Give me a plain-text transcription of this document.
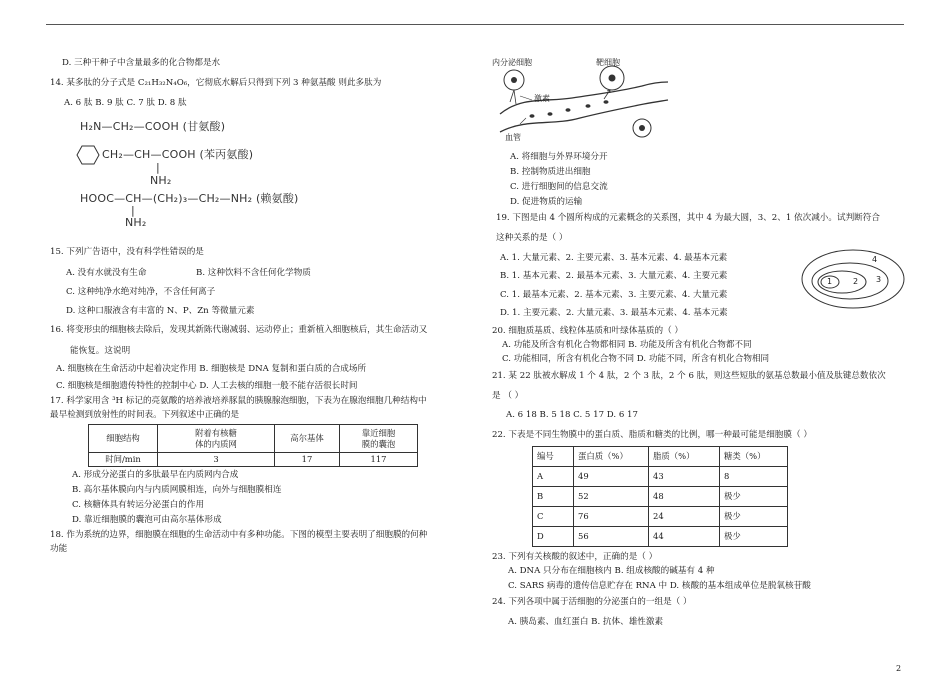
D. 三种干种子中含量最多的化合物都是水
14. 某多肽的分子式是 C₂₁H₃₂N₄O₆，它彻底水解后只得到下列 3 种氨基酸 则此多肽为
A. 6 肽 B. 9 肽 C. 7 肽 D. 8 肽
H₂N—CH₂—COOH (甘氨酸)
CH₂—CH—COOH (苯丙氨酸)
|
NH₂
HOOC—CH—(CH₂)₃—CH₂—NH₂ (赖氨酸)
|
NH₂
15. 下列广告语中，没有科学性错误的是
A. 没有水就没有生命	B. 这种饮料不含任何化学物质
C. 这种纯净水绝对纯净，不含任何离子
D. 这种口服液含有丰富的 N、P、Zn 等微量元素
16. 将变形虫的细胞核去除后，发现其新陈代谢减弱、运动停止；重新植入细胞核后，其生命活动又
能恢复。这说明
A. 细胞核在生命活动中起着决定作用 B. 细胞核是 DNA 复制和蛋白质的合成场所
C. 细胞核是细胞遗传特性的控制中心 D. 人工去核的细胞一般不能存活很长时间
17. 科学家用含 ³H 标记的亮氨酸的培养液培养豚鼠的胰腺腺泡细胞，下表为在腺泡细胞几种结构中
最早检测到放射性的时间表。下列叙述中正确的是
细胞结构	附着有核糖
体的内质网	高尔基体	靠近细胞
膜的囊泡
时间/min	3	17	117
A. 形成分泌蛋白的多肽最早在内质网内合成
B. 高尔基体膜向内与内质网膜相连，向外与细胞膜相连
C. 核糖体具有转运分泌蛋白的作用
D. 靠近细胞膜的囊泡可由高尔基体形成
18. 作为系统的边界，细胞膜在细胞的生命活动中有多种功能。下图的模型主要表明了细胞膜的何种
功能
内分泌细胞	靶细胞
激素
血管
A. 将细胞与外界环境分开
B. 控制物质进出细胞
C. 进行细胞间的信息交流
D. 促进物质的运输
19. 下图是由 4 个圆所构成的元素概念的关系图，其中 4 为最大圆，3、2、1 依次减小。试判断符合
这种关系的是（ ）
A. 1. 大量元素、2. 主要元素、3. 基本元素、4. 最基本元素
B. 1. 基本元素、2. 最基本元素、3. 大量元素、4. 主要元素
C. 1. 最基本元素、2. 基本元素、3. 主要元素、4. 大量元素
D. 1. 主要元素、2. 大量元素、3. 最基本元素、4. 基本元素
1	2 3
4
20. 细胞质基质、线粒体基质和叶绿体基质的（ ）
A. 功能及所含有机化合物都相同 B. 功能及所含有机化合物都不同
C. 功能相同，所含有机化合物不同 D. 功能不同，所含有机化合物相同
21. 某 22 肽被水解成 1 个 4 肽，2 个 3 肽，2 个 6 肽，则这些短肽的氨基总数最小值及肽键总数依次
是 （ ）
A. 6 18 B. 5 18 C. 5 17 D. 6 17
22. 下表是不同生物膜中的蛋白质、脂质和糖类的比例，哪一种最可能是细胞膜（ ）
编号	蛋白质（%）	脂质（%）	糖类（%）
A	49	43	8
B	52	48	极少
C	76	24	极少
D	56	44	极少
23. 下列有关核酸的叙述中，正确的是（ ）
A. DNA 只分布在细胞核内 B. 组成核酸的碱基有 4 种
C. SARS 病毒的遗传信息贮存在 RNA 中 D. 核酸的基本组成单位是脱氧核苷酸
24. 下列各项中属于活细胞的分泌蛋白的一组是（ ）
A. 胰岛素、血红蛋白 B. 抗体、雄性激素
2
